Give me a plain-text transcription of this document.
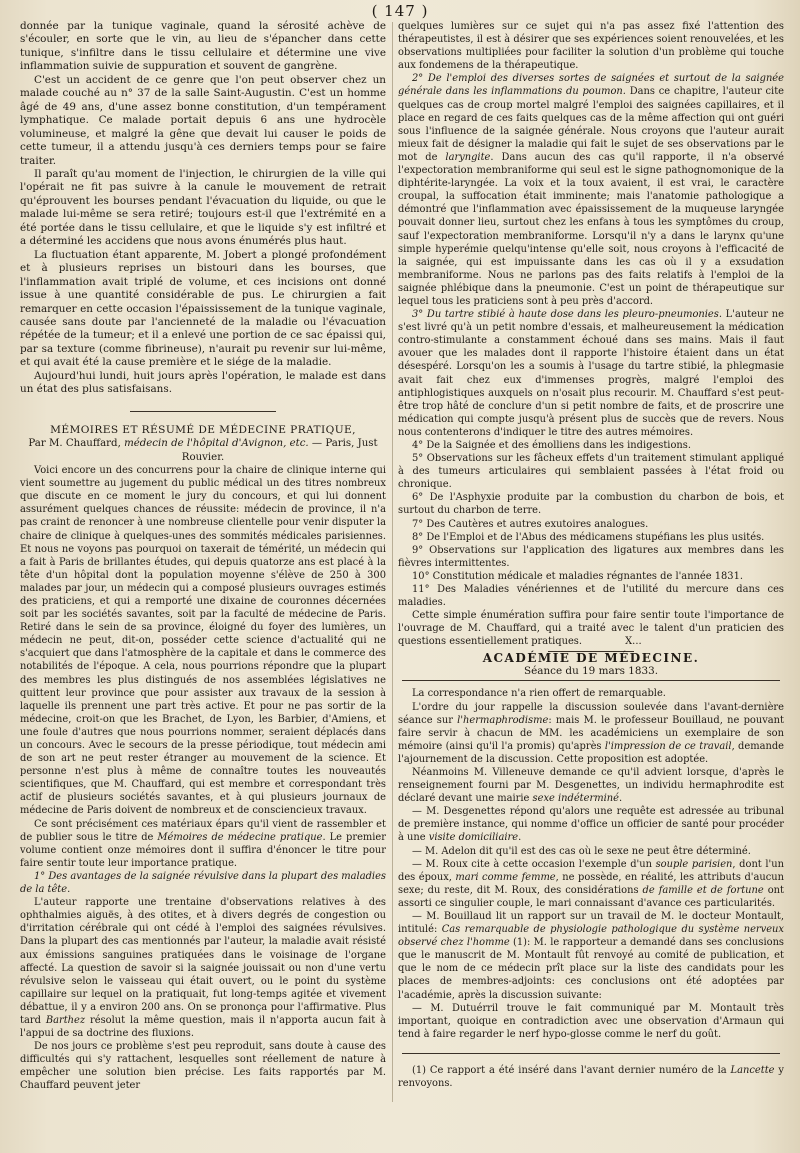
( 147 )

donnée par la tunique vaginale, quand la sérosité achève de s'écouler, en sorte que le vin, au lieu de s'épancher dans cette tunique, s'infiltre dans le tissu cellulaire et détermine une vive inflammation suivie de suppuration et souvent de gangrène.

C'est un accident de ce genre que l'on peut observer chez un malade couché au n° 37 de la salle Saint-Augustin. C'est un homme âgé de 49 ans, d'une assez bonne constitution, d'un tempérament lymphatique. Ce malade portait depuis 6 ans une hydrocèle volumineuse, et malgré la gêne que devait lui causer le poids de cette tumeur, il a attendu jusqu'à ces derniers temps pour se faire traiter.

Il paraît qu'au moment de l'injection, le chirurgien de la ville qui l'opérait ne fit pas suivre à la canule le mouvement de retrait qu'éprouvent les bourses pendant l'évacuation du liquide, ou que le malade lui-même se sera retiré; toujours est-il que l'extrémité en a été portée dans le tissu cellulaire, et que le liquide s'y est infiltré et a déterminé les accidens que nous avons énumérés plus haut.

La fluctuation étant apparente, M. Jobert a plongé profondément et à plusieurs reprises un bistouri dans les bourses, que l'inflammation avait triplé de volume, et ces incisions ont donné issue à une quantité considérable de pus. Le chirurgien a fait remarquer en cette occasion l'épaississement de la tunique vaginale, causée sans doute par l'ancienneté de la maladie ou l'évacuation répétée de la tumeur; et il a enlevé une portion de ce sac épaissi qui, par sa texture (comme fibrineuse), n'aurait pu revenir sur lui-même, et qui avait été la cause première et le siége de la maladie.

Aujourd'hui lundi, huit jours après l'opération, le malade est dans un état des plus satisfaisans.

MÉMOIRES ET RÉSUMÉ DE MÉDECINE PRATIQUE,

Par M. Chauffard, médecin de l'hôpital d'Avignon, etc. — Paris, Just Rouvier.

Voici encore un des concurrens pour la chaire de clinique interne qui vient soumettre au jugement du public médical un des titres nombreux que discute en ce moment le jury du concours, et qui lui donnent assurément quelques chances de réussite: médecin de province, il n'a pas craint de renoncer à une nombreuse clientelle pour venir disputer la chaire de clinique à quelques-unes des sommités médicales parisiennes. Et nous ne voyons pas pourquoi on taxerait de témérité, un médecin qui a fait à Paris de brillantes études, qui depuis quatorze ans est placé à la tête d'un hôpital dont la population moyenne s'élève de 250 à 300 malades par jour, un médecin qui a composé plusieurs ouvrages estimés des praticiens, et qui a remporté une dixaine de couronnes décernées soit par les sociétés savantes, soit par la faculté de médecine de Paris. Retiré dans le sein de sa province, éloigné du foyer des lumières, un médecin ne peut, dit-on, posséder cette science d'actualité qui ne s'acquiert que dans l'atmosphère de la capitale et dans le commerce des notabilités de l'époque. A cela, nous pourrions répondre que la plupart des membres les plus distingués de nos assemblées législatives ne quittent leur province que pour assister aux travaux de la session à laquelle ils prennent une part très active. Et pour ne pas sortir de la médecine, croit-on que les Brachet, de Lyon, les Barbier, d'Amiens, et une foule d'autres que nous pourrions nommer, seraient déplacés dans un concours. Avec le secours de la presse périodique, tout médecin ami de son art ne peut rester étranger au mouvement de la science. Et personne n'est plus à même de connaître toutes les nouveautés scientifiques, que M. Chauffard, qui est membre et correspondant très actif de plusieurs sociétés savantes, et à qui plusieurs journaux de médecine de Paris doivent de nombreux et de consciencieux travaux.

Ce sont précisément ces matériaux épars qu'il vient de rassembler et de publier sous le titre de Mémoires de médecine pratique. Le premier volume contient onze mémoires dont il suffira d'énoncer le titre pour faire sentir toute leur importance pratique.

1° Des avantages de la saignée révulsive dans la plupart des maladies de la tête.

L'auteur rapporte une trentaine d'observations relatives à des ophthalmies aiguës, à des otites, et à divers degrés de congestion ou d'irritation cérébrale qui ont cédé à l'emploi des saignées révulsives. Dans la plupart des cas mentionnés par l'auteur, la maladie avait résisté aux émissions sanguines pratiquées dans le voisinage de l'organe affecté. La question de savoir si la saignée jouissait ou non d'une vertu révulsive selon le vaisseau qui était ouvert, ou le point du système capillaire sur lequel on la pratiquait, fut long-temps agitée et vivement débattue, il y a environ 200 ans. On se prononça pour l'affirmative. Plus tard Barthez résolut la même question, mais il n'apporta aucun fait à l'appui de sa doctrine des fluxions.

De nos jours ce problème s'est peu reproduit, sans doute à cause des difficultés qui s'y rattachent, lesquelles sont réellement de nature à empêcher une solution bien précise. Les faits rapportés par M. Chauffard peuvent jeter

quelques lumières sur ce sujet qui n'a pas assez fixé l'attention des thérapeutistes, il est à désirer que ses expériences soient renouvelées, et les observations multipliées pour faciliter la solution d'un problème qui touche aux fondemens de la thérapeutique.

2° De l'emploi des diverses sortes de saignées et surtout de la saignée générale dans les inflammations du poumon. Dans ce chapitre, l'auteur cite quelques cas de croup mortel malgré l'emploi des saignées capillaires, et il place en regard de ces faits quelques cas de la même affection qui ont guéri sous l'influence de la saignée générale. Nous croyons que l'auteur aurait mieux fait de désigner la maladie qui fait le sujet de ses observations par le mot de laryngite. Dans aucun des cas qu'il rapporte, il n'a observé l'expectoration membraniforme qui seul est le signe pathognomonique de la diphtérite-laryngée. La voix et la toux avaient, il est vrai, le caractère croupal, la suffocation était imminente; mais l'anatomie pathologique a démontré que l'inflammation avec épaississement de la muqueuse laryngée pouvait donner lieu, surtout chez les enfans à tous les symptômes du croup, sauf l'expectoration membraniforme. Lorsqu'il n'y a dans le larynx qu'une simple hyperémie quelqu'intense qu'elle soit, nous croyons à l'efficacité de la saignée, qui est impuissante dans les cas où il y a exsudation membraniforme. Nous ne parlons pas des faits relatifs à l'emploi de la saignée phlébique dans la pneumonie. C'est un point de thérapeutique sur lequel tous les praticiens sont à peu près d'accord.

3° Du tartre stibié à haute dose dans les pleuro-pneumonies. L'auteur ne s'est livré qu'à un petit nombre d'essais, et malheureusement la médication contro-stimulante a constamment échoué dans ses mains. Mais il faut avouer que les malades dont il rapporte l'histoire étaient dans un état désespéré. Lorsqu'on les a soumis à l'usage du tartre stibié, la phlegmasie avait fait chez eux d'immenses progrès, malgré l'emploi des antiphlogistiques auxquels on n'osait plus recourir. M. Chauffard s'est peut-être trop hâté de conclure d'un si petit nombre de faits, et de proscrire une médication qui compte jusqu'à présent plus de succès que de revers. Nous nous contenterons d'indiquer le titre des autres mémoires.

4° De la Saignée et des émolliens dans les indigestions.

5° Observations sur les fâcheux effets d'un traitement stimulant appliqué à des tumeurs articulaires qui semblaient passées à l'état froid ou chronique.

6° De l'Asphyxie produite par la combustion du charbon de bois, et surtout du charbon de terre.

7° Des Cautères et autres exutoires analogues.

8° De l'Emploi et de l'Abus des médicamens stupéfians les plus usités.

9° Observations sur l'application des ligatures aux membres dans les fièvres intermittentes.

10° Constitution médicale et maladies régnantes de l'année 1831.

11° Des Maladies vénériennes et de l'utilité du mercure dans ces maladies.

Cette simple énumération suffira pour faire sentir toute l'importance de l'ouvrage de M. Chauffard, qui a traité avec le talent d'un praticien des questions essentiellement pratiques.	X...

ACADÉMIE DE MÉDECINE.

Séance du 19 mars 1833.

La correspondance n'a rien offert de remarquable.

L'ordre du jour rappelle la discussion soulevée dans l'avant-dernière séance sur l'hermaphrodisme: mais M. le professeur Bouillaud, ne pouvant faire servir à chacun de MM. les académiciens un exemplaire de son mémoire (ainsi qu'il l'a promis) qu'après l'impression de ce travail, demande l'ajournement de la discussion. Cette proposition est adoptée.

Néanmoins M. Villeneuve demande ce qu'il advient lorsque, d'après le renseignement fourni par M. Desgenettes, un individu hermaphrodite est déclaré devant une mairie sexe indéterminé.

— M. Desgenettes répond qu'alors une requête est adressée au tribunal de première instance, qui nomme d'office un officier de santé pour procéder à une visite domiciliaire.

— M. Adelon dit qu'il est des cas où le sexe ne peut être déterminé.

— M. Roux cite à cette occasion l'exemple d'un souple parisien, dont l'un des époux, mari comme femme, ne possède, en réalité, les attributs d'aucun sexe; du reste, dit M. Roux, des considérations de famille et de fortune ont assorti ce singulier couple, le mari connaissant d'avance ces particularités.

— M. Bouillaud lit un rapport sur un travail de M. le docteur Montault, intitulé: Cas remarquable de physiologie pathologique du système nerveux observé chez l'homme (1): M. le rapporteur a demandé dans ses conclusions que le manuscrit de M. Montault fût renvoyé au comité de publication, et que le nom de ce médecin prît place sur la liste des candidats pour les places de membres-adjoints: ces conclusions ont été adoptées par l'académie, après la discussion suivante:

— M. Dutuérril trouve le fait communiqué par M. Montault très important, quoique en contradiction avec une observation d'Armaun qui tend à faire regarder le nerf hypo-glosse comme le nerf du goût.

(1) Ce rapport a été inséré dans l'avant dernier numéro de la Lancette y renvoyons.
